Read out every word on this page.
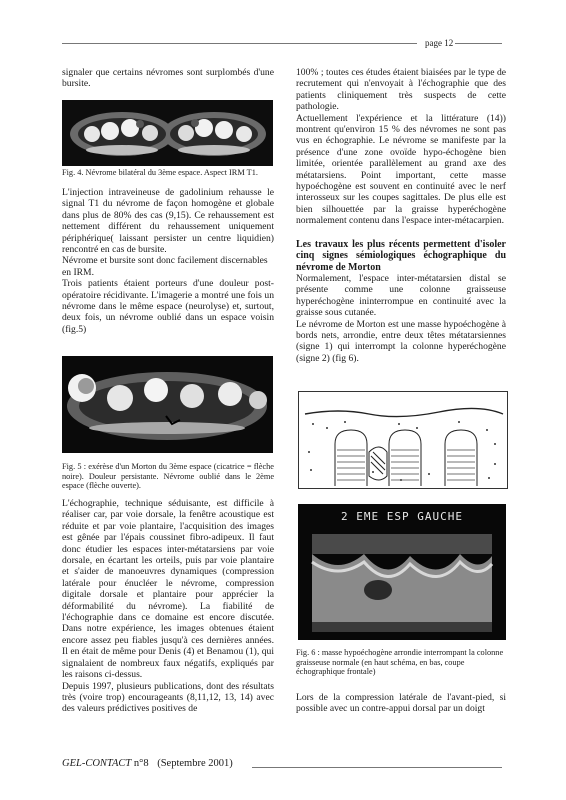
page 12

signaler que certains névromes sont surplombés d'une bursite.

Fig. 4. Névrome bilatéral du 3ème espace. Aspect IRM T1.

L'injection intraveineuse de gadolinium rehausse le signal T1 du névrome de façon homogène et globale dans plus de 80% des cas (9,15). Ce rehaussement est nettement différent du rehaussement uniquement périphérique( laissant persister un centre liquidien) rencontré en cas de bursite.

Névrome et bursite sont donc facilement discernables en IRM.

Trois patients étaient porteurs d'une douleur post-opératoire récidivante. L'imagerie a montré une fois un névrome dans le même espace (neurolyse) et, surtout, deux fois, un névrome oublié dans un espace voisin (fig.5)

Fig. 5 : exérèse d'un Morton du 3ème espace (cicatrice = flèche noire). Douleur persistante. Névrome oublié dans le 2ème espace (flèche ouverte).

L'échographie, technique séduisante, est difficile à réaliser car, par voie dorsale, la fenêtre acoustique est réduite et par voie plantaire, l'acquisition des images est gênée par l'épais coussinet fibro-adipeux. Il faut donc étudier les espaces inter-métatarsiens par voie dorsale, en écartant les orteils, puis par voie plantaire et s'aider de manoeuvres dynamiques (compression latérale pour énucléer le névrome, compression digitale dorsale et plantaire pour apprécier la déformabilité du névrome). La fiabilité de l'échographie dans ce domaine est encore discutée. Dans notre expérience, les images obtenues étaient encore assez peu fiables jusqu'à ces dernières années. Il en était de même pour Denis (4) et Benamou (1), qui signalaient de nombreux faux négatifs, expliqués par les raisons ci-dessus.

Depuis 1997, plusieurs publications, dont des résultats très (voire trop) encourageants (8,11,12, 13, 14) avec des valeurs prédictives positives de

100% ; toutes ces études étaient biaisées par le type de recrutement qui n'envoyait à l'échographie que des patients cliniquement très suspects de cette pathologie.

Actuellement l'expérience et la littérature (14)) montrent qu'environ 15 % des névromes ne sont pas vus en échographie. Le névrome se manifeste par la présence d'une zone ovoïde hypo-échogène bien limitée, orientée parallèlement au grand axe des métatarsiens. Point important, cette masse hypoéchogène est souvent en continuité avec le nerf interosseux sur les coupes sagittales. De plus elle est bien silhouettée par la graisse hyperéchogène normalement contenu dans l'espace inter-métacarpien.

Les travaux les plus récents permettent d'isoler cinq signes sémiologiques échographique du névrome de Morton

Normalement, l'espace inter-métatarsien distal se présente comme une colonne graisseuse hyperéchogène ininterrompue en continuité avec la graisse sous cutanée.

Le névrome de Morton est une masse hypoéchogène à bords nets, arrondie, entre deux têtes métatarsiennes (signe 1) qui interrompt la colonne hyperéchogène (signe 2) (fig 6).

2 EME ESP GAUCHE
Fig. 6 : masse hypoéchogène arrondie interrompant la colonne graisseuse normale (en haut schéma, en bas, coupe échographique frontale)
Lors de la compression latérale de l'avant-pied, si possible avec un contre-appui dorsal par un doigt
GEL-CONTACT n°8 (Septembre 2001)
